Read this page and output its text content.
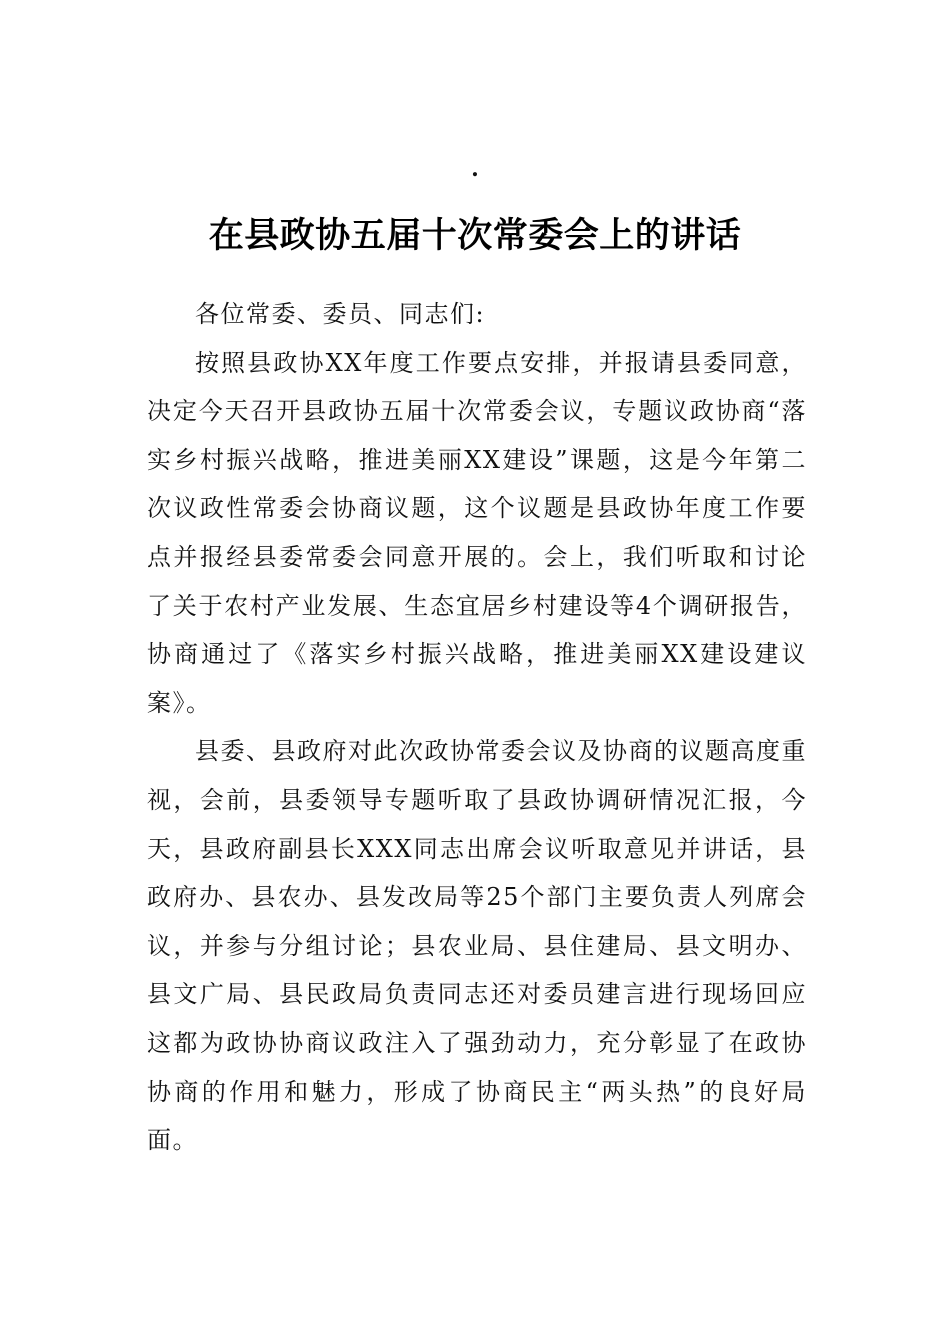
.
在县政协五届十次常委会上的讲话

各位常委、委员、同志们:

按照县政协XX年度工作要点安排，并报请县委同意，决定今天召开县政协五届十次常委会议，专题议政协商“落实乡村振兴战略，推进美丽XX建设”课题，这是今年第二次议政性常委会协商议题，这个议题是县政协年度工作要点并报经县委常委会同意开展的。会上，我们听取和讨论了关于农村产业发展、生态宜居乡村建设等4个调研报告，协商通过了《落实乡村振兴战略，推进美丽XX建设建议案》。

县委、县政府对此次政协常委会议及协商的议题高度重视，会前，县委领导专题听取了县政协调研情况汇报，今天，县政府副县长XXX同志出席会议听取意见并讲话，县政府办、县农办、县发改局等25个部门主要负责人列席会议，并参与分组讨论；县农业局、县住建局、县文明办、县文广局、县民政局负责同志还对委员建言进行现场回应这都为政协协商议政注入了强劲动力，充分彰显了在政协协商的作用和魅力，形成了协商民主“两头热”的良好局面。
